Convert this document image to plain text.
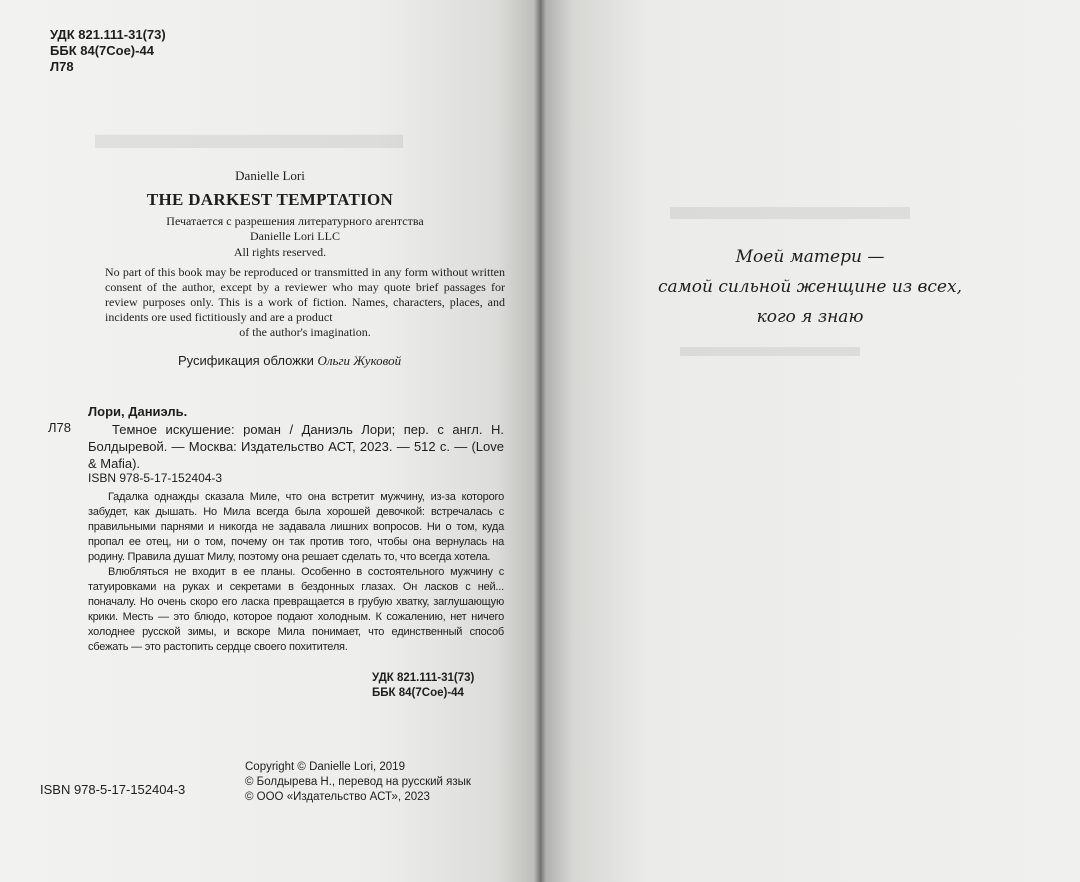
▬▬▬▬▬▬▬
УДК 821.111-31(73)
ББК 84(7Сое)-44
Л78
Danielle Lori
THE DARKEST TEMPTATION
Печатается с разрешения литературного агентства
Danielle Lori LLC
All rights reserved.
No part of this book may be reproduced or transmitted in any form without written consent of the author, except by a reviewer who may quote brief passages for review purposes only. This is a work of fiction. Names, characters, places, and incidents ore used fictitiously and are a product
of the author's imagination.
Русификация обложки Ольги Жуковой
Лори, Даниэль.
Л78	Темное искушение: роман / Даниэль Лори; пер. с англ. Н. Болдыревой. — Москва: Издательство АСТ, 2023. — 512 с. — (Love & Mafia).
ISBN 978-5-17-152404-3

Гадалка однажды сказала Миле, что она встретит мужчину, из-за которого забудет, как дышать. Но Мила всегда была хорошей девочкой: встречалась с правильными парнями и никогда не задавала лишних вопросов. Ни о том, куда пропал ее отец, ни о том, почему он так против того, чтобы она вернулась на родину. Правила душат Милу, поэтому она решает сделать то, что всегда хотела.

Влюбляться не входит в ее планы. Особенно в состоятельного мужчину с татуировками на руках и секретами в бездонных глазах. Он ласков с ней... поначалу. Но очень скоро его ласка превращается в грубую хватку, заглушающую крики. Месть — это блюдо, которое подают холодным. К сожалению, нет ничего холоднее русской зимы, и вскоре Мила понимает, что единственный способ сбежать — это растопить сердце своего похитителя.

УДК 821.111-31(73)
ББК 84(7Сое)-44
Copyright © Danielle Lori, 2019
© Болдырева Н., перевод на русский язык
© ООО «Издательство АСТ», 2023
ISBN 978-5-17-152404-3
▬▬▬▬▬▬
▬▬▬▬▬▬
Моей матери —
самой сильной женщине из всех,
кого я знаю
